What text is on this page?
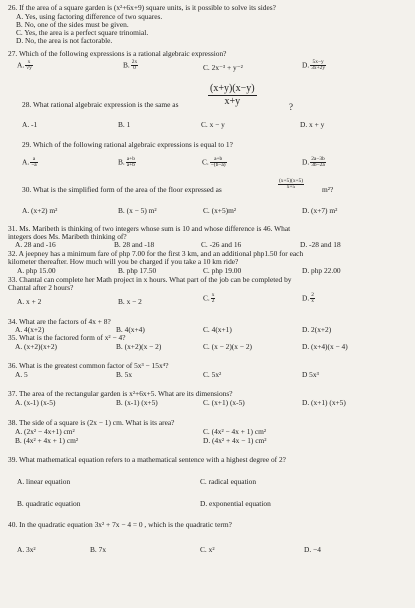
26. If the area of a square garden is (x²+6x+9) square units, is it possible to solve its sides?
A. Yes, using factoring difference of two squares.
B. No, one of the sides must be given.
C. Yes, the area is a perfect square trinomial.
D. No, the area is not factorable.
27. Which of the following expressions is a rational algebraic expression?
A. $\frac{x}{√y}$	B. $\frac{2x}{0}$	C. 2x⁻³ + y⁻²	D. $\frac{5x-y}{3x+2y}$
$\frac{(x+y)(x-y)}{x+y}$	?
28. What rational algebraic expression is the same as
A. -1	B. 1	C. x − y	D. x + y
29. Which of the following rational algebraic expressions is equal to 1?
A. $\frac{a}{-a}$	B. $\frac{a+b}{a+b}$	C. $\frac{a+b}{-(b-a)}$	D. $\frac{2a-3b}{3b-2a}$
30. What is the simplified form of the area of the floor expressed as	$\frac{(x+5)(x+5)}{x+5} m^2$?
A. (x+2) m²	B. (x − 5) m²	C. (x+5)m²	D. (x+7) m²
31. Ms. Maribeth is thinking of two integers whose sum is 10 and whose difference is 46. What
integers does Ms. Maribeth thinking of?
A. 28 and -16	B. 28 and -18	C. -26 and 16	D. -28 and 18
32. A jeepney has a minimum fare of php 7.00 for the first 3 km, and an additional php1.50 for each
kilometer thereafter. How much will you be charged if you take a 10 km ride?
A. php 15.00	B. php 17.50	C. php 19.00	D. php 22.00
33. Chantal can complete her Math project in x hours. What part of the job can be completed by
Chantal after 2 hours?
A. x + 2	B. x − 2	C. $\frac{x}{2}$	D. $\frac{2}{x}$
34. What are the factors of 4x + 8?
A. 4(x+2)	B. 4(x+4)	C. 4(x+1)	D. 2(x+2)
35. What is the factored form of x² − 4?
A. (x+2)(x+2)	B. (x+2)(x − 2)	C. (x − 2)(x − 2)	D. (x+4)(x − 4)
36. What is the greatest common factor of 5x³ − 15x⁴?
A. 5	B. 5x	C. 5x²	D 5x³
37. The area of the rectangular garden is x²+6x+5. What are its dimensions?
A. (x-1) (x-5)	B. (x-1) (x+5)	C. (x+1) (x-5)	D. (x+1) (x+5)
38. The side of a square is (2x − 1) cm. What is its area?
A. (2x² − 4x+1) cm²
B. (4x² + 4x + 1) cm²
C. (4x² − 4x + 1) cm²
D. (4x² + 4x − 1) cm²
39. What mathematical equation refers to a mathematical sentence with a highest degree of 2?
A. linear equation	C. radical equation
B. quadratic equation	D. exponential equation
40. In the quadratic equation 3x² + 7x − 4 = 0 , which is the quadratic term?
A. 3x²	B. 7x	C. x²	D. −4
